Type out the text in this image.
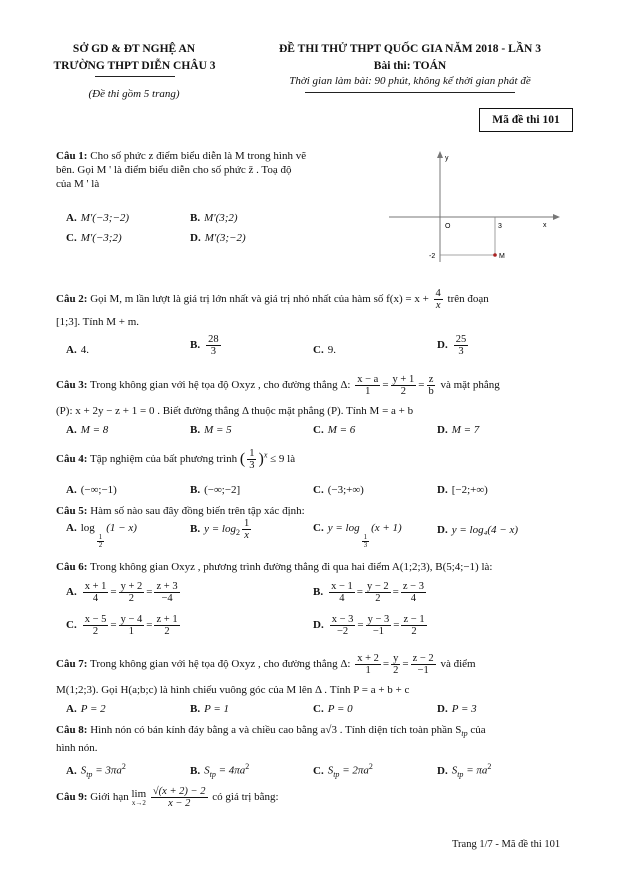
SỞ GD & ĐT NGHỆ AN
TRƯỜNG THPT DIỄN CHÂU 3
(Đề thi gồm 5 trang)
ĐỀ THI THỬ THPT QUỐC GIA NĂM 2018 - LẦN 3
Bài thi: TOÁN
Thời gian làm bài: 90 phút, không kể thời gian phát đề
Mã đề thi 101
y
x
O	3
-2	M
Câu 1: Cho số phức z điểm biểu diễn là M trong hình vẽ
bên. Gọi M ' là điểm biểu diễn cho số phức z̄ . Toạ độ
của M ' là
A. M'(−3;−2)	B. M'(3;2)
C. M'(−3;2)	D. M'(3;−2)
Câu 2: Gọi M, m lần lượt là giá trị lớn nhất và giá trị nhỏ nhất của hàm số $f(x) = x + \frac{4}{x}$ trên đoạn
[1;3]. Tính M + m.
A. 4.	B. $\frac{28}{3}$	C. 9.	D. $\frac{25}{3}$
Câu 3: Trong không gian với hệ tọa độ Oxyz , cho đường thẳng Δ: $\frac{x - a}{1} = \frac{y + 1}{2} = \frac{z}{b}$ và mặt phẳng
(P): x + 2y − z + 1 = 0 . Biết đường thẳng Δ thuộc mặt phẳng (P). Tính M = a + b
A. M = 8	B. M = 5	C. M = 6	D. M = 7
Câu 4: Tập nghiệm của bất phương trình ( $\frac{1}{3} )^x \le 9$ là
A. (−∞;−1)	B. (−∞;−2]	C. (−3;+∞)	D. [−2;+∞)
Câu 5: Hàm số nào sau đây đồng biến trên tập xác định:
A. log
$\frac{1}{2}$
(1 − x)	B. $y = \log_2 \frac{1}{x}$	C. y = log
$\frac{1}{3}$
(x + 1)	D. y = log₄(4 − x)
Câu 6: Trong không gian Oxyz , phương trình đường thẳng đi qua hai điểm A(1;2;3), B(5;4;−1) là:
A. $\frac{x + 1}{4} = \frac{y + 2}{2} = \frac{z + 3}{-4}$	B. $\frac{x - 1}{4} = \frac{y - 2}{2} = \frac{z - 3}{4}$
C. $\frac{x - 5}{2} = \frac{y - 4}{1} = \frac{z + 1}{2}$	D. $\frac{x - 3}{-2} = \frac{y - 3}{-1} = \frac{z - 1}{2}$
Câu 7: Trong không gian với hệ tọa độ Oxyz , cho đường thẳng Δ: $\frac{x + 2}{1} = \frac{y}{2} = \frac{z - 2}{-1}$ và điểm
M(1;2;3). Gọi H(a;b;c) là hình chiếu vuông góc của M lên Δ . Tính P = a + b + c
A. P = 2	B. P = 1	C. P = 0	D. P = 3
Câu 8: Hình nón có bán kính đáy bằng a và chiều cao bằng a√3 . Tính diện tích toàn phần $S_{tp}$ của
hình nón.
A. $S_{tp} = 3\pi a^2$	B. $S_{tp} = 4\pi a^2$	C. $S_{tp} = 2\pi a^2$	D. $S_{tp} = \pi a^2$
Câu 9: Giới hạn lim
x→2
$\frac{√(x + 2) - 2}{x - 2}$ có giá trị bằng:
Trang 1/7 - Mã đề thi 101
